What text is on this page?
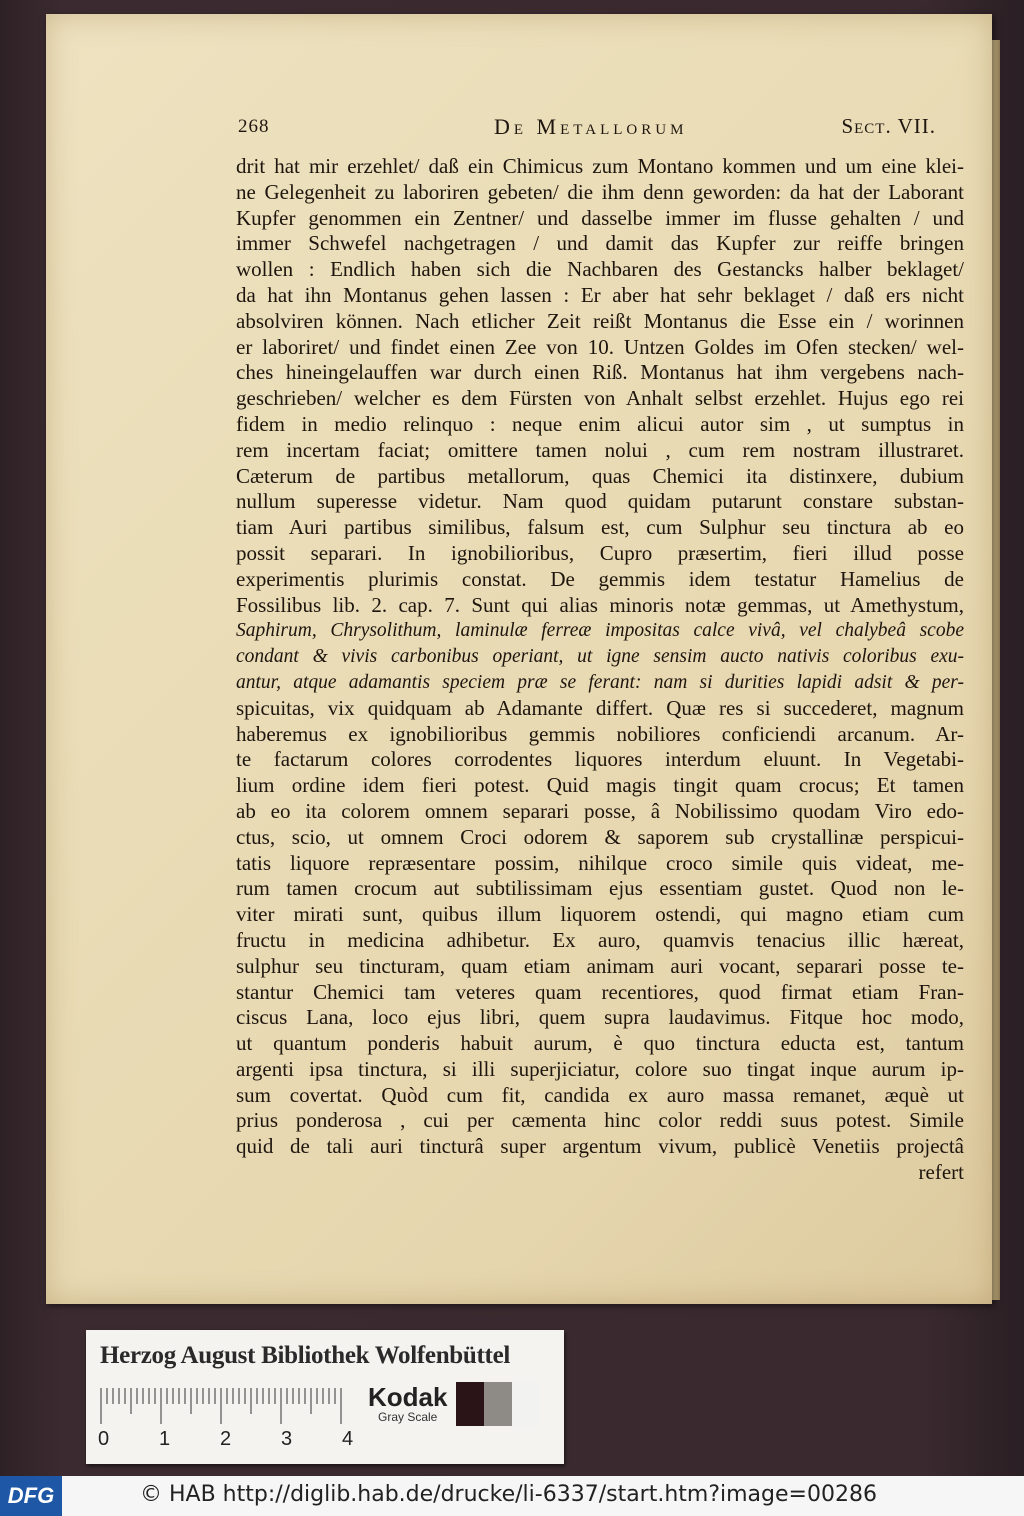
268	De Metallorum	Sect. VII.
drit hat mir erzehlet/ daß ein Chimicus zum Montano kommen und um eine klei-
ne Gelegenheit zu laboriren gebeten/ die ihm denn geworden: da hat der Laborant
Kupfer genommen ein Zentner/ und dasselbe immer im flusse gehalten / und
immer Schwefel nachgetragen / und damit das Kupfer zur reiffe bringen
wollen : Endlich haben sich die Nachbaren des Gestancks halber beklaget/
da hat ihn Montanus gehen lassen : Er aber hat sehr beklaget / daß ers nicht
absolviren können. Nach etlicher Zeit reißt Montanus die Esse ein / worinnen
er laboriret/ und findet einen Zee von 10. Untzen Goldes im Ofen stecken/ wel-
ches hineingelauffen war durch einen Riß. Montanus hat ihm vergebens nach-
geschrieben/ welcher es dem Fürsten von Anhalt selbst erzehlet. Hujus ego rei
fidem in medio relinquo : neque enim alicui autor sim , ut sumptus in
rem incertam faciat; omittere tamen nolui , cum rem nostram illustraret.
Cæterum de partibus metallorum, quas Chemici ita distinxere, dubium
nullum superesse videtur. Nam quod quidam putarunt constare substan-
tiam Auri partibus similibus, falsum est, cum Sulphur seu tinctura ab eo
possit separari. In ignobilioribus, Cupro præsertim, fieri illud posse
experimentis plurimis constat. De gemmis idem testatur Hamelius de
Fossilibus lib. 2. cap. 7. Sunt qui alias minoris notæ gemmas, ut Amethystum,
Saphirum, Chrysolithum, laminulæ ferreæ impositas calce vivâ, vel chalybeâ scobe
condant & vivis carbonibus operiant, ut igne sensim aucto nativis coloribus exu-
antur, atque adamantis speciem præ se ferant: nam si durities lapidi adsit & per-
spicuitas, vix quidquam ab Adamante differt. Quæ res si succederet, magnum
haberemus ex ignobilioribus gemmis nobiliores conficiendi arcanum. Ar-
te factarum colores corrodentes liquores interdum eluunt. In Vegetabi-
lium ordine idem fieri potest. Quid magis tingit quam crocus; Et tamen
ab eo ita colorem omnem separari posse, â Nobilissimo quodam Viro edo-
ctus, scio, ut omnem Croci odorem & saporem sub crystallinæ perspicui-
tatis liquore repræsentare possim, nihilque croco simile quis videat, me-
rum tamen crocum aut subtilissimam ejus essentiam gustet. Quod non le-
viter mirati sunt, quibus illum liquorem ostendi, qui magno etiam cum
fructu in medicina adhibetur. Ex auro, quamvis tenacius illic hæreat,
sulphur seu tincturam, quam etiam animam auri vocant, separari posse te-
stantur Chemici tam veteres quam recentiores, quod firmat etiam Fran-
ciscus Lana, loco ejus libri, quem supra laudavimus. Fitque hoc modo,
ut quantum ponderis habuit aurum, è quo tinctura educta est, tantum
argenti ipsa tinctura, si illi superjiciatur, colore suo tingat inque aurum ip-
sum covertat. Quòd cum fit, candida ex auro massa remanet, æquè ut
prius ponderosa , cui per cæmenta hinc color reddi suus potest. Simile
quid de tali auri tincturâ super argentum vivum, publicè Venetiis projectâ
refert
Herzog August Bibliothek Wolfenbüttel
0 1 2 3 4
Kodak
Gray Scale
DFG	© HAB http://diglib.hab.de/drucke/li-6337/start.htm?image=00286
